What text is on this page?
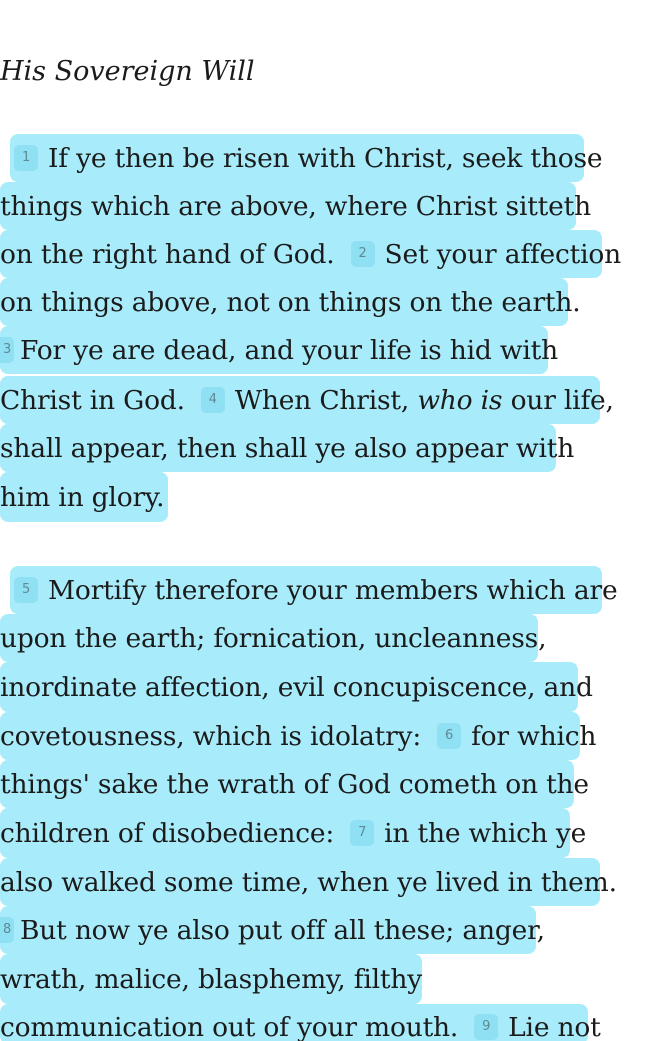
His Sovereign Will
1 If ye then be risen with Christ, seek those
things which are above, where Christ sitteth
on the right hand of God.	2 Set your affection
on things above, not on things on the earth.
3 For ye are dead, and your life is hid with
Christ in God.	4 When Christ,
who is
our life,
shall appear, then shall ye also appear with
him in glory.
5 Mortify therefore your members which are
upon the earth; fornication, uncleanness,
inordinate affection, evil concupiscence, and
covetousness, which is idolatry:	6 for which
things' sake the wrath of God cometh on the
children of disobedience:	7 in the which ye
also walked some time, when ye lived in them.
8 But now ye also put off all these; anger,
wrath, malice, blasphemy, filthy
communication out of your mouth.	9 Lie not
